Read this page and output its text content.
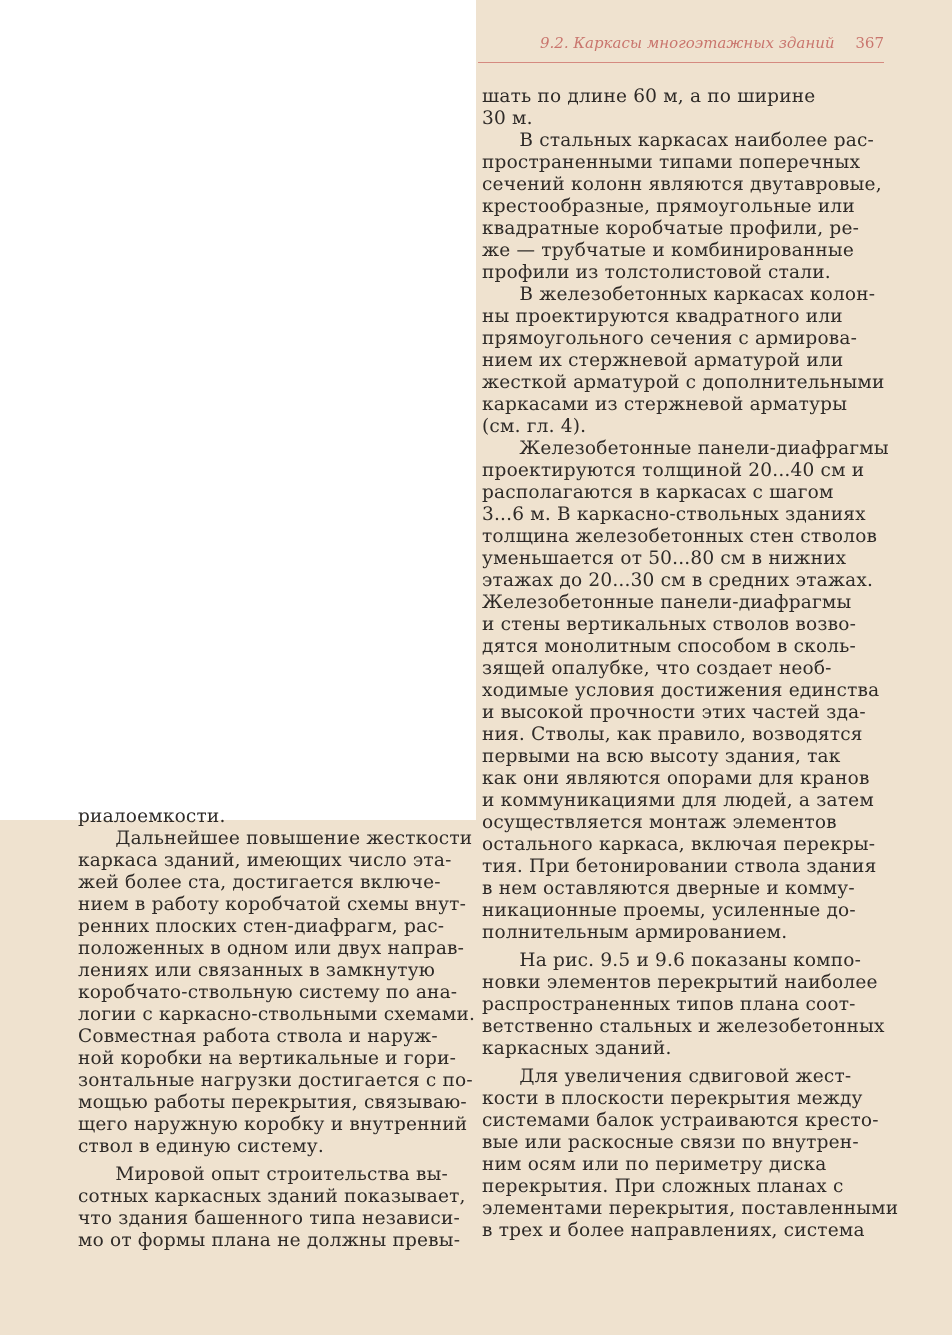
9.2. Каркасы многоэтажных зданий 367
риалоемкости.
  Дальнейшее повышение жесткости
каркаса зданий, имеющих число эта-
жей более ста, достигается включе-
нием в работу коробчатой схемы внут-
ренних плоских стен-диафрагм, рас-
положенных в одном или двух направ-
лениях или связанных в замкнутую
коробчато-ствольную систему по ана-
логии с каркасно-ствольными схемами.
Совместная работа ствола и наруж-
ной коробки на вертикальные и гори-
зонтальные нагрузки достигается с по-
мощью работы перекрытия, связываю-
щего наружную коробку и внутренний
ствол в единую систему.
  Мировой опыт строительства вы-
сотных каркасных зданий показывает,
что здания башенного типа независи-
мо от формы плана не должны превы-
шать по длине 60 м, а по ширине
30 м.
  В стальных каркасах наиболее рас-
пространенными типами поперечных
сечений колонн являются двутавровые,
крестообразные, прямоугольные или
квадратные коробчатые профили, ре-
же — трубчатые и комбинированные
профили из толстолистовой стали.
  В железобетонных каркасах колон-
ны проектируются квадратного или
прямоугольного сечения с армирова-
нием их стержневой арматурой или
жесткой арматурой с дополнительными
каркасами из стержневой арматуры
(см. гл. 4).
  Железобетонные панели-диафрагмы
проектируются толщиной 20...40 см и
располагаются в каркасах с шагом
3...6 м. В каркасно-ствольных зданиях
толщина железобетонных стен стволов
уменьшается от 50...80 см в нижних
этажах до 20...30 см в средних этажах.
Железобетонные панели-диафрагмы
и стены вертикальных стволов возво-
дятся монолитным способом в сколь-
зящей опалубке, что создает необ-
ходимые условия достижения единства
и высокой прочности этих частей зда-
ния. Стволы, как правило, возводятся
первыми на всю высоту здания, так
как они являются опорами для кранов
и коммуникациями для людей, а затем
осуществляется монтаж элементов
остального каркаса, включая перекры-
тия. При бетонировании ствола здания
в нем оставляются дверные и комму-
никационные проемы, усиленные до-
полнительным армированием.
  На рис. 9.5 и 9.6 показаны компо-
новки элементов перекрытий наиболее
распространенных типов плана соот-
ветственно стальных и железобетонных
каркасных зданий.
  Для увеличения сдвиговой жест-
кости в плоскости перекрытия между
системами балок устраиваются кресто-
вые или раскосные связи по внутрен-
ним осям или по периметру диска
перекрытия. При сложных планах с
элементами перекрытия, поставленными
в трех и более направлениях, система
